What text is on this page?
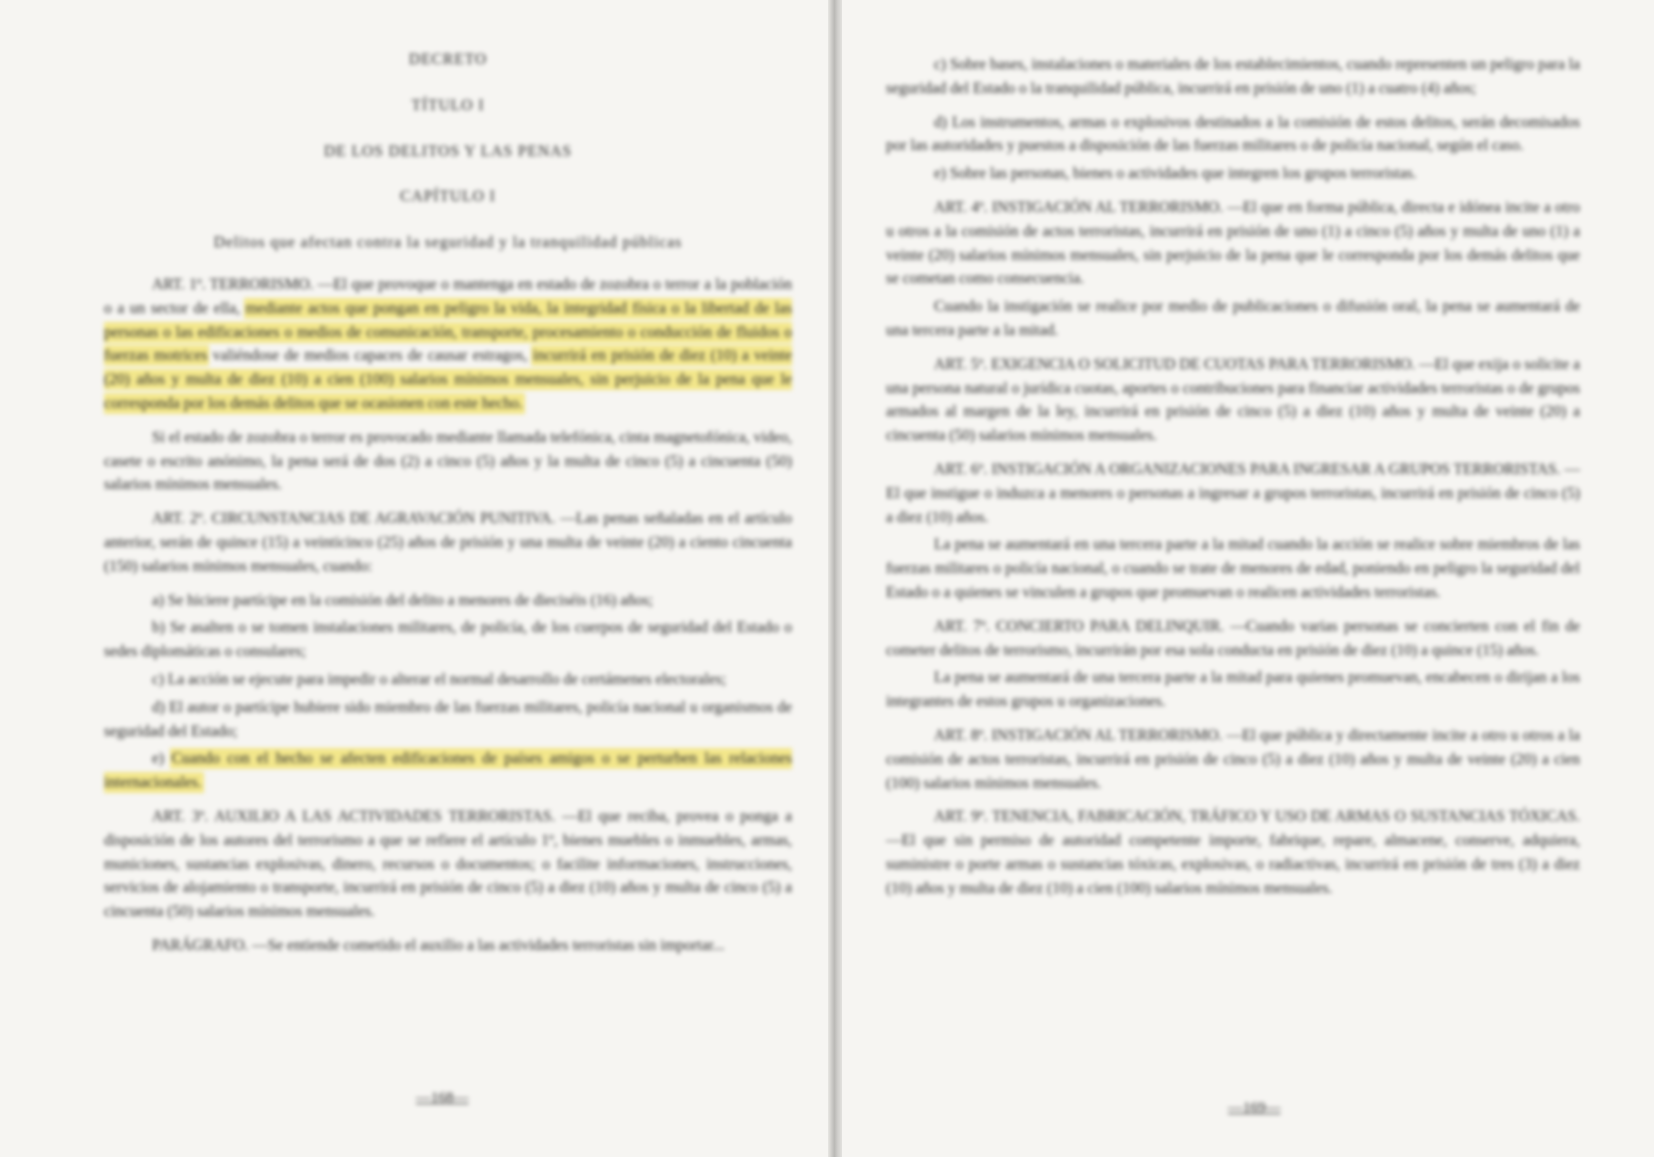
DECRETO

TÍTULO I

DE LOS DELITOS Y LAS PENAS

CAPÍTULO I

Delitos que afectan contra la seguridad y la tranquilidad públicas

ART. 1º. TERRORISMO. —El que provoque o mantenga en estado de zozobra o terror a la población o a un sector de ella, mediante actos que pongan en peligro la vida, la integridad física o la libertad de las personas o las edificaciones o medios de comunicación, transporte, procesamiento o conducción de fluidos o fuerzas motrices valiéndose de medios capaces de causar estragos, incurrirá en prisión de diez (10) a veinte (20) años y multa de diez (10) a cien (100) salarios mínimos mensuales, sin perjuicio de la pena que le corresponda por los demás delitos que se ocasionen con este hecho.

Si el estado de zozobra o terror es provocado mediante llamada telefónica, cinta magnetofónica, video, casete o escrito anónimo, la pena será de dos (2) a cinco (5) años y la multa de cinco (5) a cincuenta (50) salarios mínimos mensuales.

ART. 2º. CIRCUNSTANCIAS DE AGRAVACIÓN PUNITIVA. —Las penas señaladas en el artículo anterior, serán de quince (15) a veinticinco (25) años de prisión y una multa de veinte (20) a ciento cincuenta (150) salarios mínimos mensuales, cuando:

a) Se hiciere partícipe en la comisión del delito a menores de dieciséis (16) años;

b) Se asalten o se tomen instalaciones militares, de policía, de los cuerpos de seguridad del Estado o sedes diplomáticas o consulares;

c) La acción se ejecute para impedir o alterar el normal desarrollo de certámenes electorales;

d) El autor o partícipe hubiere sido miembro de las fuerzas militares, policía nacional u organismos de seguridad del Estado;

e) Cuando con el hecho se afecten edificaciones de países amigos o se perturben las relaciones internacionales.

ART. 3º. AUXILIO A LAS ACTIVIDADES TERRORISTAS. —El que reciba, provea o ponga a disposición de los autores del terrorismo a que se refiere el artículo 1º, bienes muebles o inmuebles, armas, municiones, sustancias explosivas, dinero, recursos o documentos; o facilite informaciones, instrucciones, servicios de alojamiento o transporte, incurrirá en prisión de cinco (5) a diez (10) años y multa de cinco (5) a cincuenta (50) salarios mínimos mensuales.

PARÁGRAFO. —Se entiende cometido el auxilio a las actividades terroristas sin importar...

—168—

c) Sobre bases, instalaciones o materiales de los establecimientos, cuando representen un peligro para la seguridad del Estado o la tranquilidad pública, incurrirá en prisión de uno (1) a cuatro (4) años;

d) Los instrumentos, armas o explosivos destinados a la comisión de estos delitos, serán decomisados por las autoridades y puestos a disposición de las fuerzas militares o de policía nacional, según el caso.

e) Sobre las personas, bienes o actividades que integren los grupos terroristas.

ART. 4º. INSTIGACIÓN AL TERRORISMO. —El que en forma pública, directa e idónea incite a otro u otros a la comisión de actos terroristas, incurrirá en prisión de uno (1) a cinco (5) años y multa de uno (1) a veinte (20) salarios mínimos mensuales, sin perjuicio de la pena que le corresponda por los demás delitos que se cometan como consecuencia.

Cuando la instigación se realice por medio de publicaciones o difusión oral, la pena se aumentará de una tercera parte a la mitad.

ART. 5º. EXIGENCIA O SOLICITUD DE CUOTAS PARA TERRORISMO. —El que exija o solicite a una persona natural o jurídica cuotas, aportes o contribuciones para financiar actividades terroristas o de grupos armados al margen de la ley, incurrirá en prisión de cinco (5) a diez (10) años y multa de veinte (20) a cincuenta (50) salarios mínimos mensuales.

ART. 6º. INSTIGACIÓN A ORGANIZACIONES PARA INGRESAR A GRUPOS TERRORISTAS. —El que instigue o induzca a menores o personas a ingresar a grupos terroristas, incurrirá en prisión de cinco (5) a diez (10) años.

La pena se aumentará en una tercera parte a la mitad cuando la acción se realice sobre miembros de las fuerzas militares o policía nacional, o cuando se trate de menores de edad, poniendo en peligro la seguridad del Estado o a quienes se vinculen a grupos que promuevan o realicen actividades terroristas.

ART. 7º. CONCIERTO PARA DELINQUIR. —Cuando varias personas se concierten con el fin de cometer delitos de terrorismo, incurrirán por esa sola conducta en prisión de diez (10) a quince (15) años.

La pena se aumentará de una tercera parte a la mitad para quienes promuevan, encabecen o dirijan a los integrantes de estos grupos u organizaciones.

ART. 8º. INSTIGACIÓN AL TERRORISMO. —El que pública y directamente incite a otro u otros a la comisión de actos terroristas, incurrirá en prisión de cinco (5) a diez (10) años y multa de veinte (20) a cien (100) salarios mínimos mensuales.

ART. 9º. TENENCIA, FABRICACIÓN, TRÁFICO Y USO DE ARMAS O SUSTANCIAS TÓXICAS. —El que sin permiso de autoridad competente importe, fabrique, repare, almacene, conserve, adquiera, suministre o porte armas o sustancias tóxicas, explosivas, o radiactivas, incurrirá en prisión de tres (3) a diez (10) años y multa de diez (10) a cien (100) salarios mínimos mensuales.

—169—
